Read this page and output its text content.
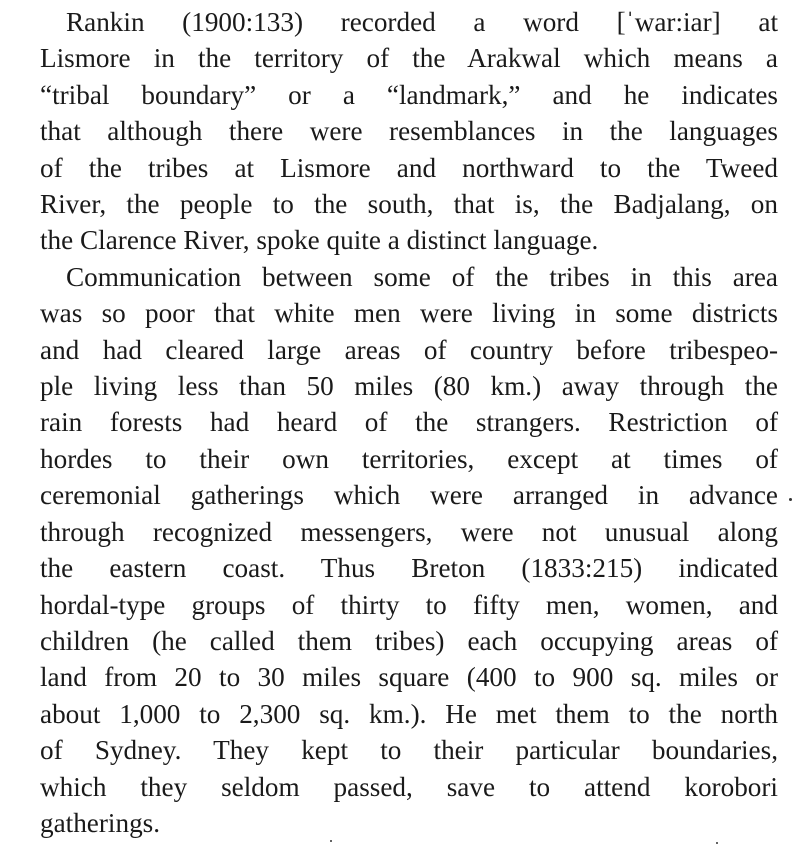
Rankin (1900:133) recorded a word [ˈwar:iar] at
Lismore in the territory of the Arakwal which means a
“tribal boundary” or a “landmark,” and he indicates
that although there were resemblances in the languages
of the tribes at Lismore and northward to the Tweed
River, the people to the south, that is, the Badjalang, on
the Clarence River, spoke quite a distinct language.

Communication between some of the tribes in this area
was so poor that white men were living in some districts
and had cleared large areas of country before tribespeo-
ple living less than 50 miles (80 km.) away through the
rain forests had heard of the strangers. Restriction of
hordes to their own territories, except at times of
ceremonial gatherings which were arranged in advance
through recognized messengers, were not unusual along
the eastern coast. Thus Breton (1833:215) indicated
hordal-type groups of thirty to fifty men, women, and
children (he called them tribes) each occupying areas of
land from 20 to 30 miles square (400 to 900 sq. miles or
about 1,000 to 2,300 sq. km.). He met them to the north
of Sydney. They kept to their particular boundaries,
which they seldom passed, save to attend korobori
gatherings.
